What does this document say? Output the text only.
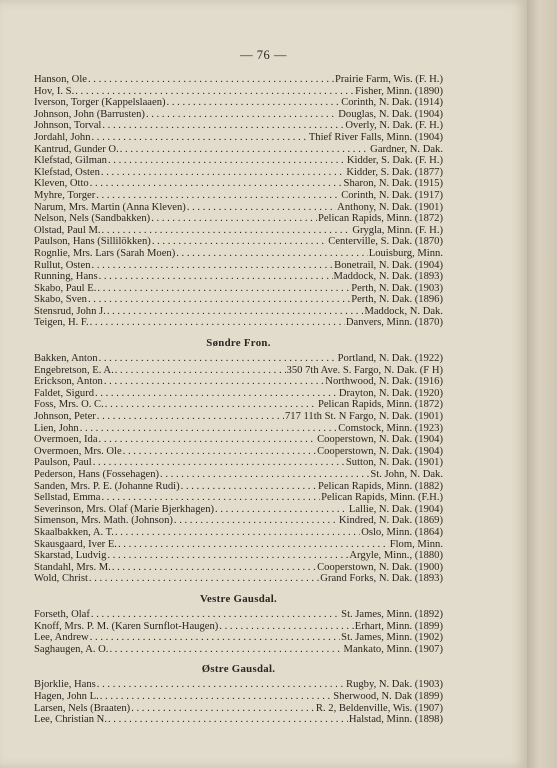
— 76 —
Hanson, Ole . . .	Prairie Farm, Wis. (F. H.)
Hov, I. S. . . .	Fisher, Minn. (1890)
Iverson, Torger (Kappelslaaen) . . .	Corinth, N. Dak. (1914)
Johnson, John (Barrusten) . . .	Douglas, N. Dak. (1904)
Johnson, Torval . . .	Overly, N. Dak. (F. H.)
Jordahl, John . . .	Thief River Falls, Minn. (1904)
Kantrud, Gunder O. . . .	Gardner, N. Dak.
Klefstad, Gilman . . .	Kidder, S. Dak. (F. H.)
Klefstad, Osten . . .	Kidder, S. Dak. (1877)
Kleven, Otto . . .	Sharon, N. Dak. (1915)
Myhre, Torger . . .	Corinth, N. Dak. (1917)
Narum, Mrs. Martin (Anna Kleven) . . .	Anthony, N. Dak. (1901)
Nelson, Nels (Sandbakken) . . .	Pelican Rapids, Minn. (1872)
Olstad, Paul M. . . .	Grygla, Minn. (F. H.)
Paulson, Hans (Sillilökken) . . .	Centerville, S. Dak. (1870)
Rognlie, Mrs. Lars (Sarah Moen) . . .	Louisburg, Minn.
Rullut, Osten . . .	Bonetrail, N. Dak. (1904)
Running, Hans . . .	Maddock, N. Dak. (1893)
Skabo, Paul E. . . .	Perth, N. Dak. (1903)
Skabo, Sven . . .	Perth, N. Dak. (1896)
Stensrud, John J. . . .	Maddock, N. Dak.
Teigen, H. F. . . .	Danvers, Minn. (1870)
Søndre Fron.
Bakken, Anton . . .	Portland, N. Dak. (1922)
Engebretson, E. A. . . .	350 7th Ave. S. Fargo, N. Dak. (F H)
Erickson, Anton . . .	Northwood, N. Dak. (1916)
Faldet, Sigurd . . .	Drayton, N. Dak. (1920)
Foss, Mrs. O. C. . . .	Pelican Rapids, Minn. (1872)
Johnson, Peter . . .	717 11th St. N Fargo, N. Dak. (1901)
Lien, John . . .	Comstock, Minn. (1923)
Overmoen, Ida . . .	Cooperstown, N. Dak. (1904)
Overmoen, Mrs. Ole . . .	Cooperstown, N. Dak. (1904)
Paulson, Paul . . .	Sutton, N. Dak. (1901)
Pederson, Hans (Fossehagen) . . .	St. John, N. Dak.
Sanden, Mrs. P. E. (Johanne Rudi) . . .	Pelican Rapids, Minn. (1882)
Sellstad, Emma . . .	Pelican Rapids, Minn. (F.H.)
Severinson, Mrs. Olaf (Marie Bjerkhagen) . . .	Lallie, N. Dak. (1904)
Simenson, Mrs. Math. (Johnson) . . .	Kindred, N. Dak. (1869)
Skaalbakken, A. T. . . .	Oslo, Minn. (1864)
Skausgaard, Iver E. . . .	Flom, Minn.
Skarstad, Ludvig . . .	Argyle, Minn., (1880)
Standahl, Mrs. M. . . .	Cooperstown, N. Dak. (1900)
Wold, Christ . . .	Grand Forks, N. Dak. (1893)
Vestre Gausdal.
Forseth, Olaf . . .	St. James, Minn. (1892)
Knoff, Mrs. P. M. (Karen Surnflot-Haugen) . . .	Erhart, Minn. (1899)
Lee, Andrew . . .	St. James, Minn. (1902)
Saghaugen, A. O. . . .	Mankato, Minn. (1907)
Østre Gausdal.
Bjorklie, Hans . . .	Rugby, N. Dak. (1903)
Hagen, John L. . . .	Sherwood, N. Dak (1899)
Larsen, Nels (Braaten) . . .	R. 2, Beldenville, Wis. (1907)
Lee, Christian N. . . .	Halstad, Minn. (1898)
